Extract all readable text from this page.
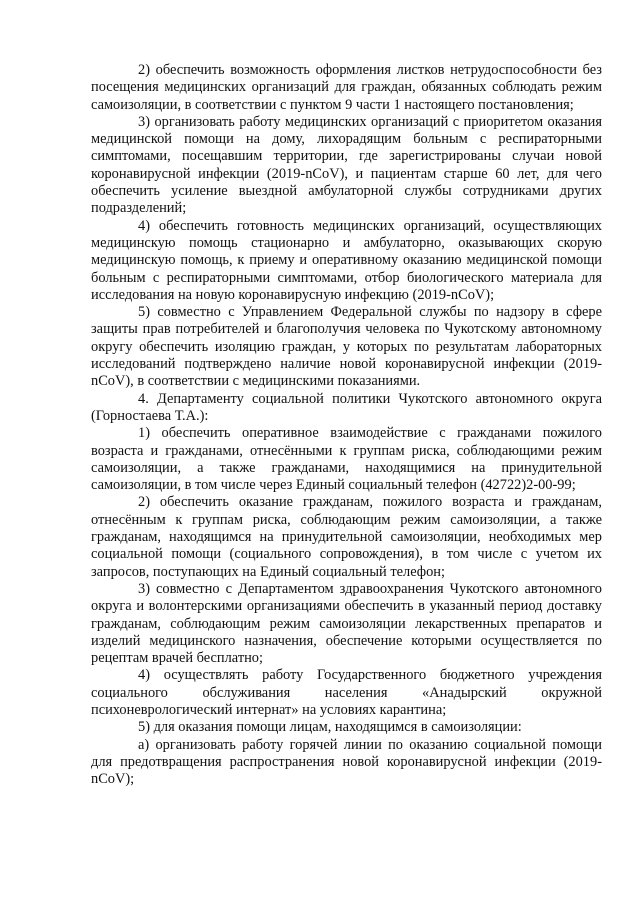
2) обеспечить возможность оформления листков нетрудоспособности без посещения медицинских организаций для граждан, обязанных соблюдать режим самоизоляции, в соответствии с пунктом 9 части 1 настоящего постановления;

3) организовать работу медицинских организаций с приоритетом оказания медицинской помощи на дому, лихорадящим больным с респираторными симптомами, посещавшим территории, где зарегистрированы случаи новой коронавирусной инфекции (2019-nCoV), и пациентам старше 60 лет, для чего обеспечить усиление выездной амбулаторной службы сотрудниками других подразделений;

4) обеспечить готовность медицинских организаций, осуществляющих медицинскую помощь стационарно и амбулаторно, оказывающих скорую медицинскую помощь, к приему и оперативному оказанию медицинской помощи больным с респираторными симптомами, отбор биологического материала для исследования на новую коронавирусную инфекцию (2019-nCoV);

5) совместно с Управлением Федеральной службы по надзору в сфере защиты прав потребителей и благополучия человека по Чукотскому автономному округу обеспечить изоляцию граждан, у которых по результатам лабораторных исследований подтверждено наличие новой коронавирусной инфекции (2019-nCoV), в соответствии с медицинскими показаниями.

4. Департаменту социальной политики Чукотского автономного округа (Горностаева Т.А.):

1) обеспечить оперативное взаимодействие с гражданами пожилого возраста и гражданами, отнесёнными к группам риска, соблюдающими режим самоизоляции, а также гражданами, находящимися на принудительной самоизоляции, в том числе через Единый социальный телефон (42722)2-00-99;

2) обеспечить оказание гражданам, пожилого возраста и гражданам, отнесённым к группам риска, соблюдающим режим самоизоляции, а также гражданам, находящимся на принудительной самоизоляции, необходимых мер социальной помощи (социального сопровождения), в том числе с учетом их запросов, поступающих на Единый социальный телефон;

3) совместно с Департаментом здравоохранения Чукотского автономного округа и волонтерскими организациями обеспечить в указанный период доставку гражданам, соблюдающим режим самоизоляции лекарственных препаратов и изделий медицинского назначения, обеспечение которыми осуществляется по рецептам врачей бесплатно;

4) осуществлять работу Государственного бюджетного учреждения социального обслуживания населения «Анадырский окружной психоневрологический интернат» на условиях карантина;

5) для оказания помощи лицам, находящимся в самоизоляции:

а) организовать работу горячей линии по оказанию социальной помощи для предотвращения распространения новой коронавирусной инфекции (2019-nCoV);
